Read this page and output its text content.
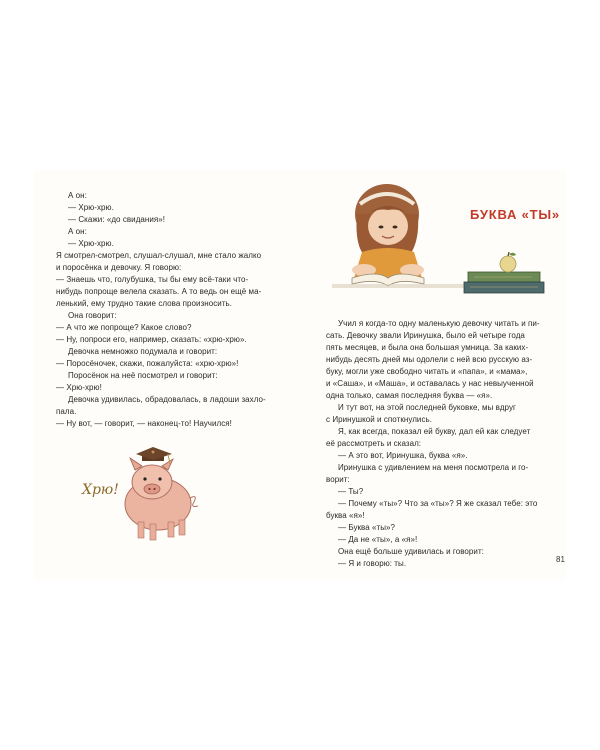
А он:
— Хрю-хрю.
— Скажи: «до свидания»!
А он:
— Хрю-хрю.
Я смотрел-смотрел, слушал-слушал, мне стало жалко
и поросёнка и девочку. Я говорю:
— Знаешь что, голубушка, ты бы ему всё-таки что-
нибудь попроще велела сказать. А то ведь он ещё ма-
ленький, ему трудно такие слова произносить.
Она говорит:
— А что же попроще? Какое слово?
— Ну, попроси его, например, сказать: «хрю-хрю».
Девочка немножко подумала и говорит:
— Поросёночек, скажи, пожалуйста: «хрю-хрю»!
Поросёнок на неё посмотрел и говорит:
— Хрю-хрю!
Девочка удивилась, обрадовалась, в ладоши захло-
пала.
— Ну вот, — говорит, — наконец-то! Научился!
Хрю!
БУКВА «ТЫ»
Учил я когда-то одну маленькую девочку читать и пи-
сать. Девочку звали Иринушка, было ей четыре года
пять месяцев, и была она большая умница. За каких-
нибудь десять дней мы одолели с ней всю русскую аз-
буку, могли уже свободно читать и «папа», и «мама»,
и «Саша», и «Маша», и оставалась у нас невыученной
одна только, самая последняя буква — «я».
И тут вот, на этой последней буковке, мы вдруг
с Иринушкой и споткнулись.
Я, как всегда, показал ей букву, дал ей как следует
её рассмотреть и сказал:
— А это вот, Иринушка, буква «я».
Иринушка с удивлением на меня посмотрела и го-
ворит:
— Ты?
— Почему «ты»? Что за «ты»? Я же сказал тебе: это
буква «я»!
— Буква «ты»?
— Да не «ты», а «я»!
Она ещё больше удивилась и говорит:
— Я и говорю: ты.	81
